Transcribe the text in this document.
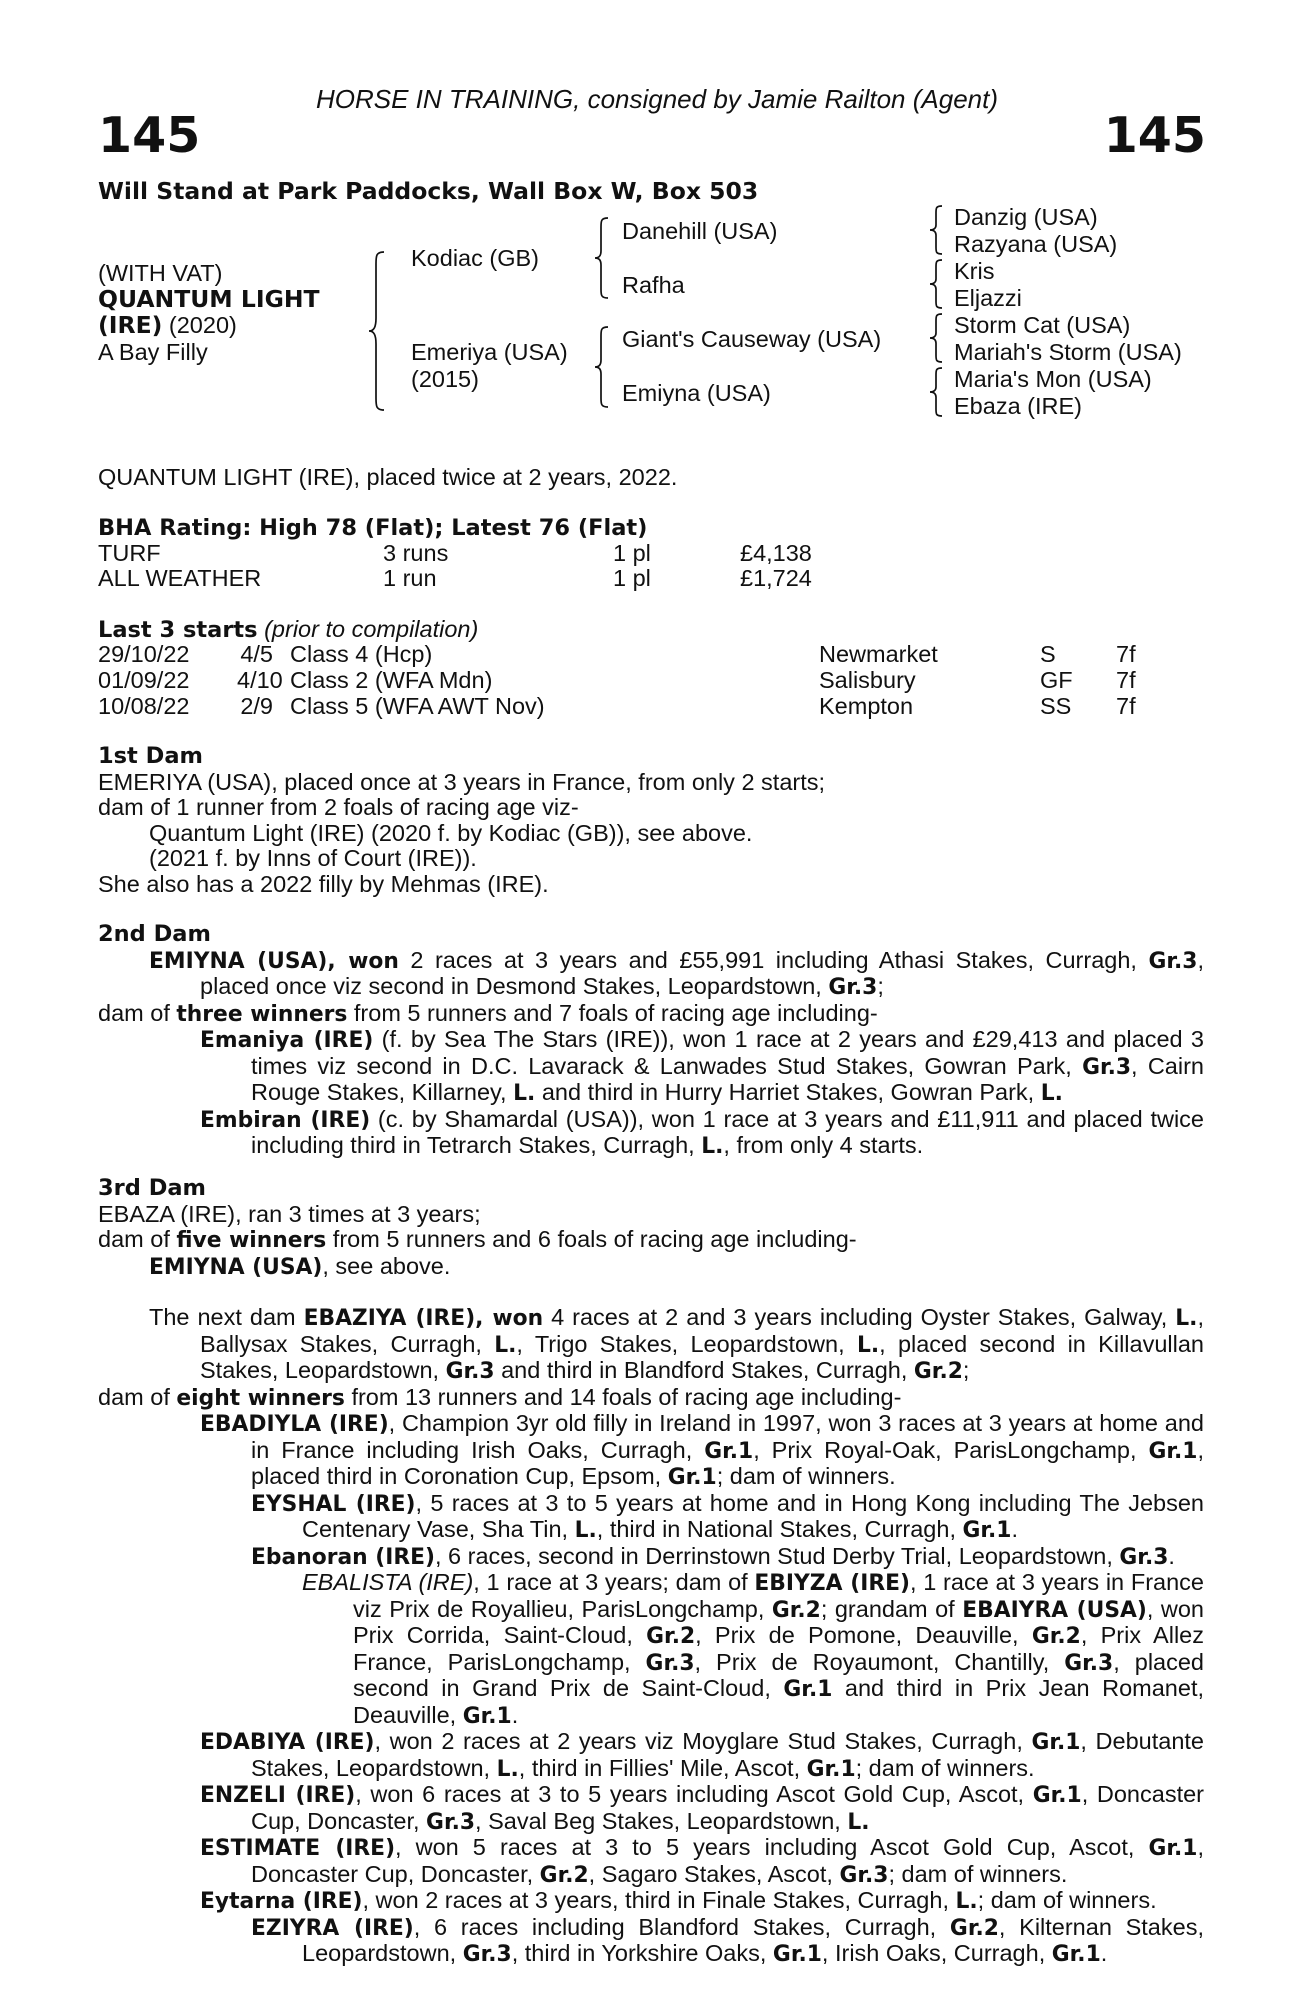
HORSE IN TRAINING, consigned by Jamie Railton (Agent)
145	145
Will Stand at Park Paddocks, Wall Box W, Box 503
(WITH VAT)
QUANTUM LIGHT
(IRE) (2020)
A Bay Filly
Kodiac (GB)
Emeriya (USA)
(2015)
Danehill (USA)
Rafha
Giant's Causeway (USA)
Emiyna (USA)
Danzig (USA)
Razyana (USA)
Kris
Eljazzi
Storm Cat (USA)
Mariah's Storm (USA)
Maria's Mon (USA)
Ebaza (IRE)
QUANTUM LIGHT (IRE), placed twice at 2 years, 2022.
BHA Rating: High 78 (Flat); Latest 76 (Flat)
TURF	3 runs	1 pl	£4,138
ALL WEATHER	1 run	1 pl	£1,724
Last 3 starts (prior to compilation)
29/10/22 4/5 Class 4 (Hcp)	Newmarket	S	7f
01/09/22 4/10 Class 2 (WFA Mdn)	Salisbury	GF 7f
10/08/22 2/9 Class 5 (WFA AWT Nov)	Kempton	SS 7f

1st Dam

EMERIYA (USA), placed once at 3 years in France, from only 2 starts;

dam of 1 runner from 2 foals of racing age viz-

Quantum Light (IRE) (2020 f. by Kodiac (GB)), see above.

(2021 f. by Inns of Court (IRE)).

She also has a 2022 filly by Mehmas (IRE).

2nd Dam

EMIYNA (USA), won 2 races at 3 years and £55,991 including Athasi Stakes, Curragh, Gr.3, placed once viz second in Desmond Stakes, Leopardstown, Gr.3;

dam of three winners from 5 runners and 7 foals of racing age including-

Emaniya (IRE) (f. by Sea The Stars (IRE)), won 1 race at 2 years and £29,413 and placed 3 times viz second in D.C. Lavarack & Lanwades Stud Stakes, Gowran Park, Gr.3, Cairn Rouge Stakes, Killarney, L. and third in Hurry Harriet Stakes, Gowran Park, L.

Embiran (IRE) (c. by Shamardal (USA)), won 1 race at 3 years and £11,911 and placed twice including third in Tetrarch Stakes, Curragh, L., from only 4 starts.

3rd Dam

EBAZA (IRE), ran 3 times at 3 years;

dam of five winners from 5 runners and 6 foals of racing age including-

EMIYNA (USA), see above.

The next dam EBAZIYA (IRE), won 4 races at 2 and 3 years including Oyster Stakes, Galway, L., Ballysax Stakes, Curragh, L., Trigo Stakes, Leopardstown, L., placed second in Killavullan Stakes, Leopardstown, Gr.3 and third in Blandford Stakes, Curragh, Gr.2;

dam of eight winners from 13 runners and 14 foals of racing age including-

EBADIYLA (IRE), Champion 3yr old filly in Ireland in 1997, won 3 races at 3 years at home and in France including Irish Oaks, Curragh, Gr.1, Prix Royal-Oak, ParisLongchamp, Gr.1, placed third in Coronation Cup, Epsom, Gr.1; dam of winners.

EYSHAL (IRE), 5 races at 3 to 5 years at home and in Hong Kong including The Jebsen Centenary Vase, Sha Tin, L., third in National Stakes, Curragh, Gr.1.

Ebanoran (IRE), 6 races, second in Derrinstown Stud Derby Trial, Leopardstown, Gr.3.

EBALISTA (IRE), 1 race at 3 years; dam of EBIYZA (IRE), 1 race at 3 years in France viz Prix de Royallieu, ParisLongchamp, Gr.2; grandam of EBAIYRA (USA), won Prix Corrida, Saint-Cloud, Gr.2, Prix de Pomone, Deauville, Gr.2, Prix Allez France, ParisLongchamp, Gr.3, Prix de Royaumont, Chantilly, Gr.3, placed second in Grand Prix de Saint-Cloud, Gr.1 and third in Prix Jean Romanet, Deauville, Gr.1.

EDABIYA (IRE), won 2 races at 2 years viz Moyglare Stud Stakes, Curragh, Gr.1, Debutante Stakes, Leopardstown, L., third in Fillies' Mile, Ascot, Gr.1; dam of winners.

ENZELI (IRE), won 6 races at 3 to 5 years including Ascot Gold Cup, Ascot, Gr.1, Doncaster Cup, Doncaster, Gr.3, Saval Beg Stakes, Leopardstown, L.

ESTIMATE (IRE), won 5 races at 3 to 5 years including Ascot Gold Cup, Ascot, Gr.1, Doncaster Cup, Doncaster, Gr.2, Sagaro Stakes, Ascot, Gr.3; dam of winners.

Eytarna (IRE), won 2 races at 3 years, third in Finale Stakes, Curragh, L.; dam of winners.

EZIYRA (IRE), 6 races including Blandford Stakes, Curragh, Gr.2, Kilternan Stakes, Leopardstown, Gr.3, third in Yorkshire Oaks, Gr.1, Irish Oaks, Curragh, Gr.1.
